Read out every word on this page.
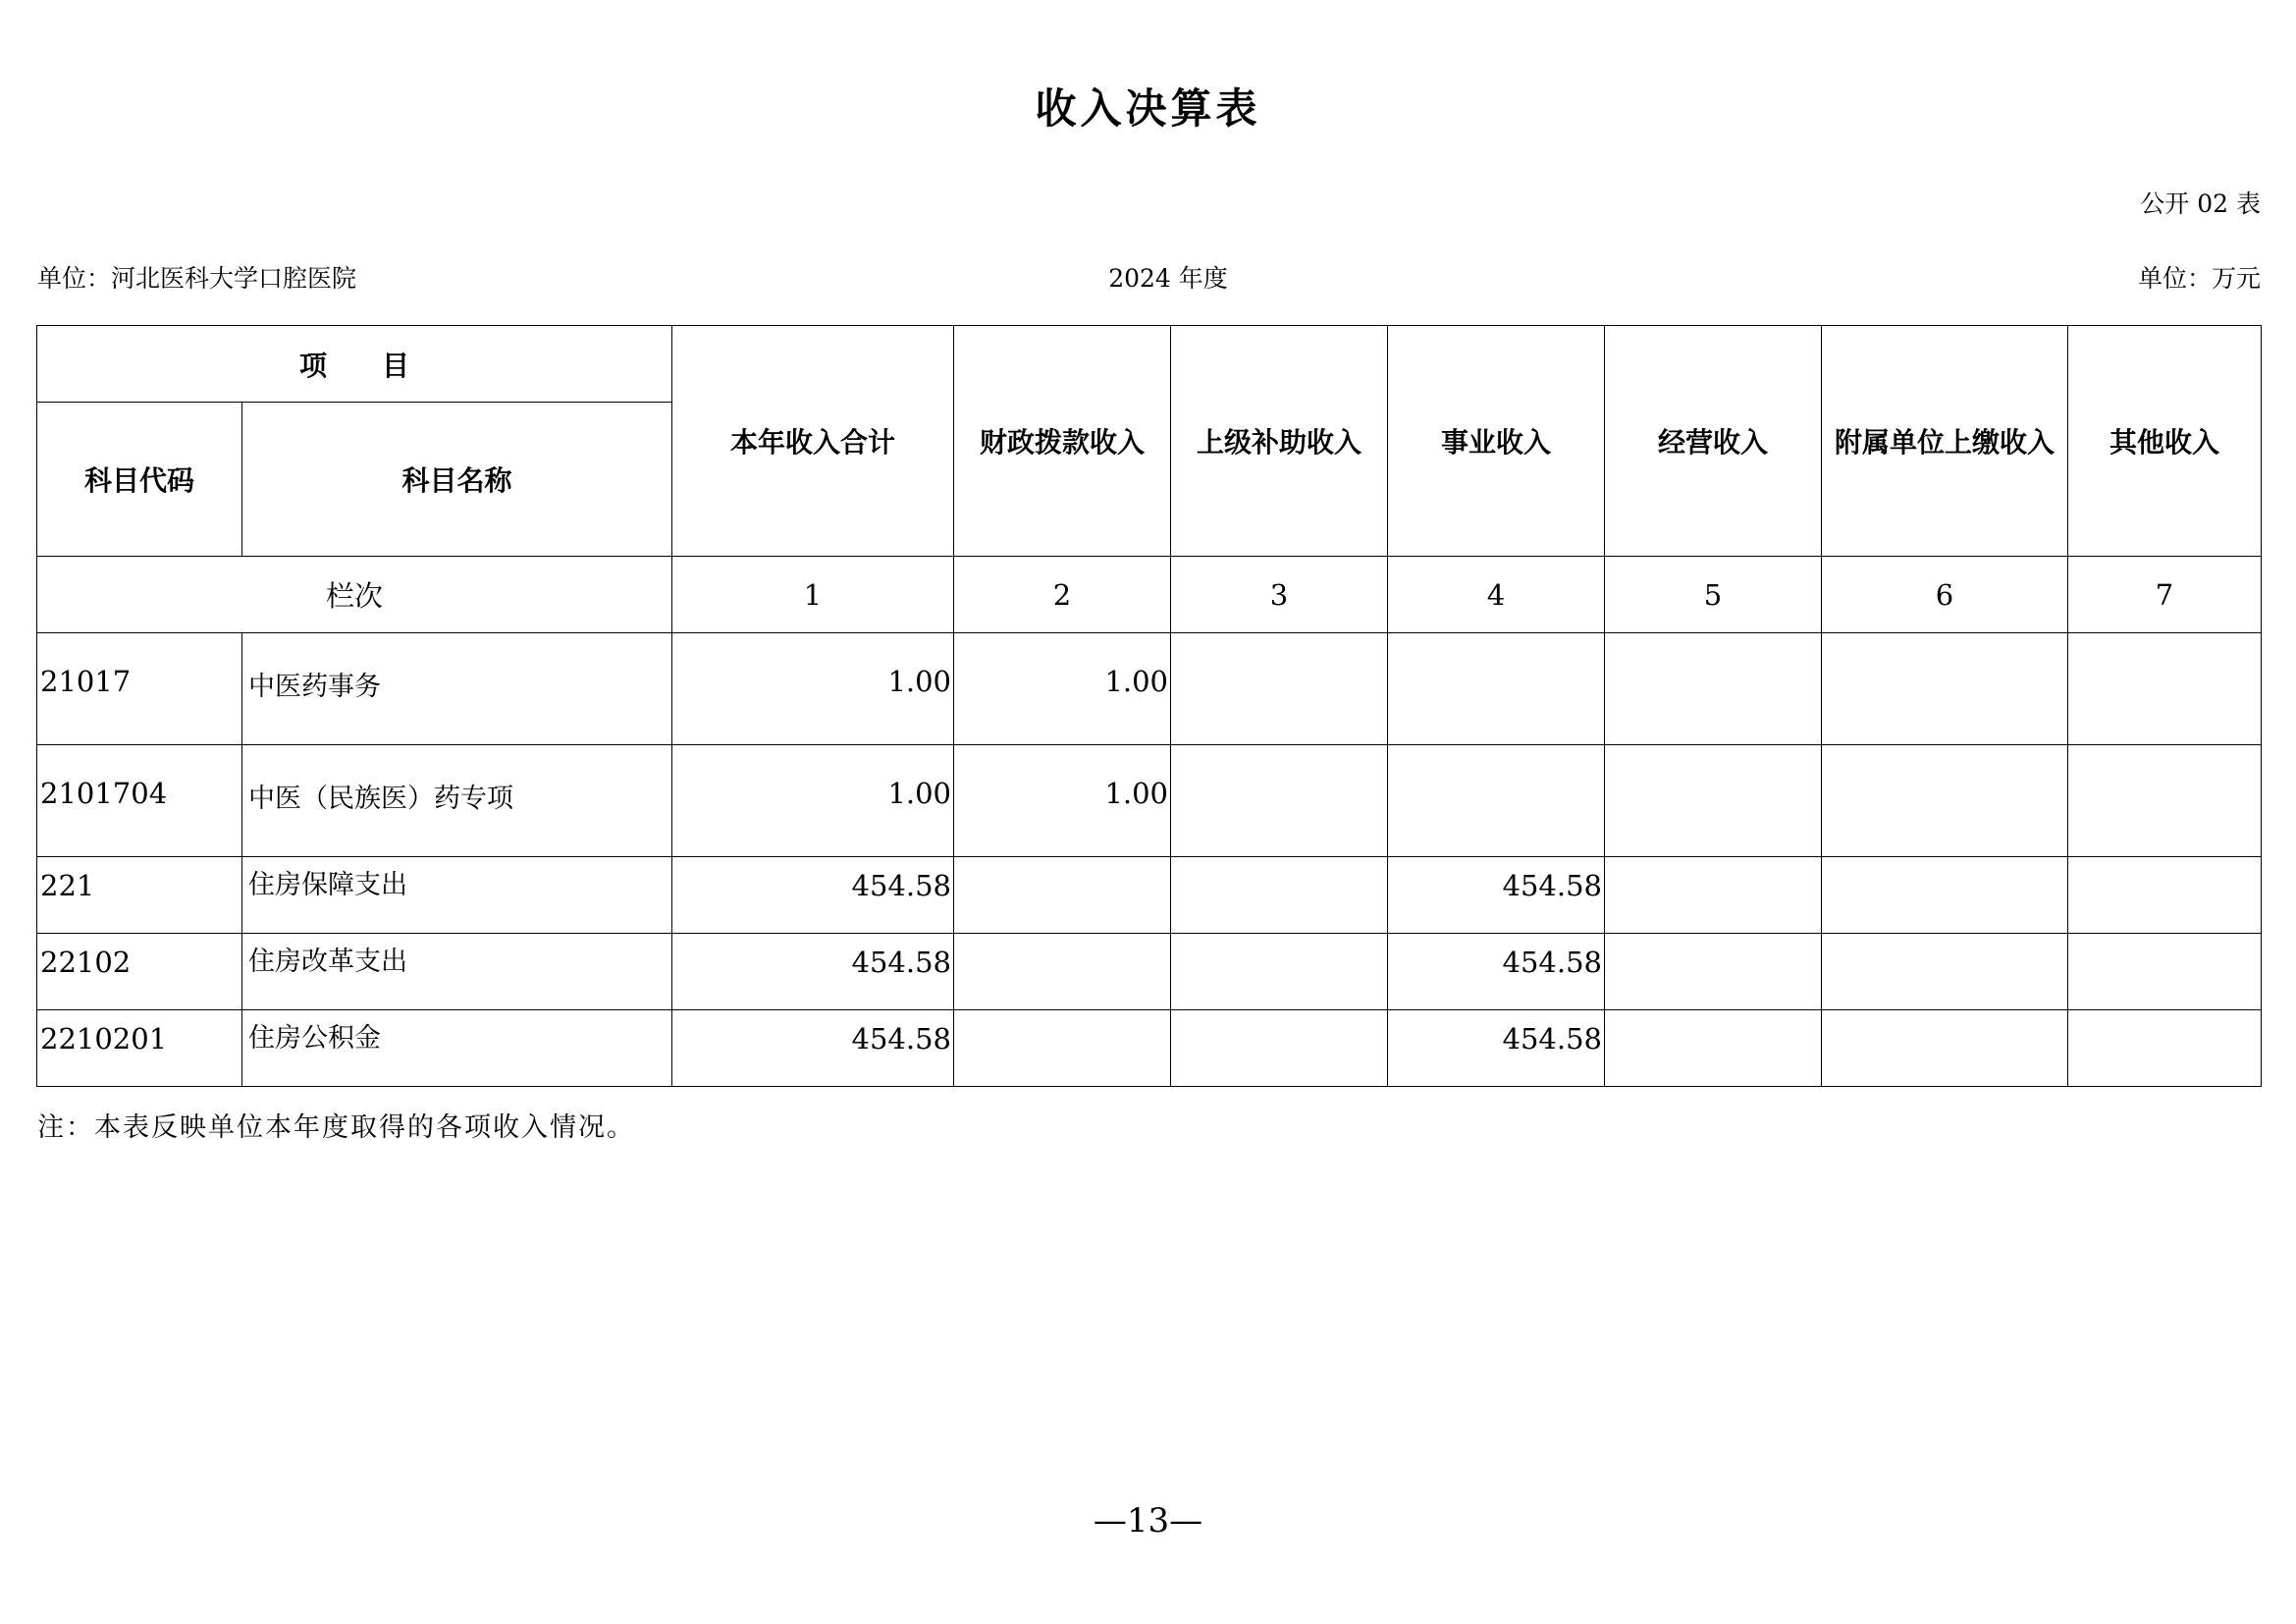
收入决算表
公开 02 表
单位：河北医科大学口腔医院	2024 年度	单位：万元
项　　目		本年收入合计	财政拨款收入	上级补助收入	事业收入	经营收入	附属单位上缴收入	其他收入
科目代码	科目名称							
栏次		1	2	3	4	5	6	7
21017	中医药事务	1.00	1.00					
2101704	中医（民族医）药专项	1.00	1.00					
221	住房保障支出	454.58			454.58			
22102	住房改革支出	454.58			454.58			
2210201	住房公积金	454.58			454.58			
注：本表反映单位本年度取得的各项收入情况。
—13—
